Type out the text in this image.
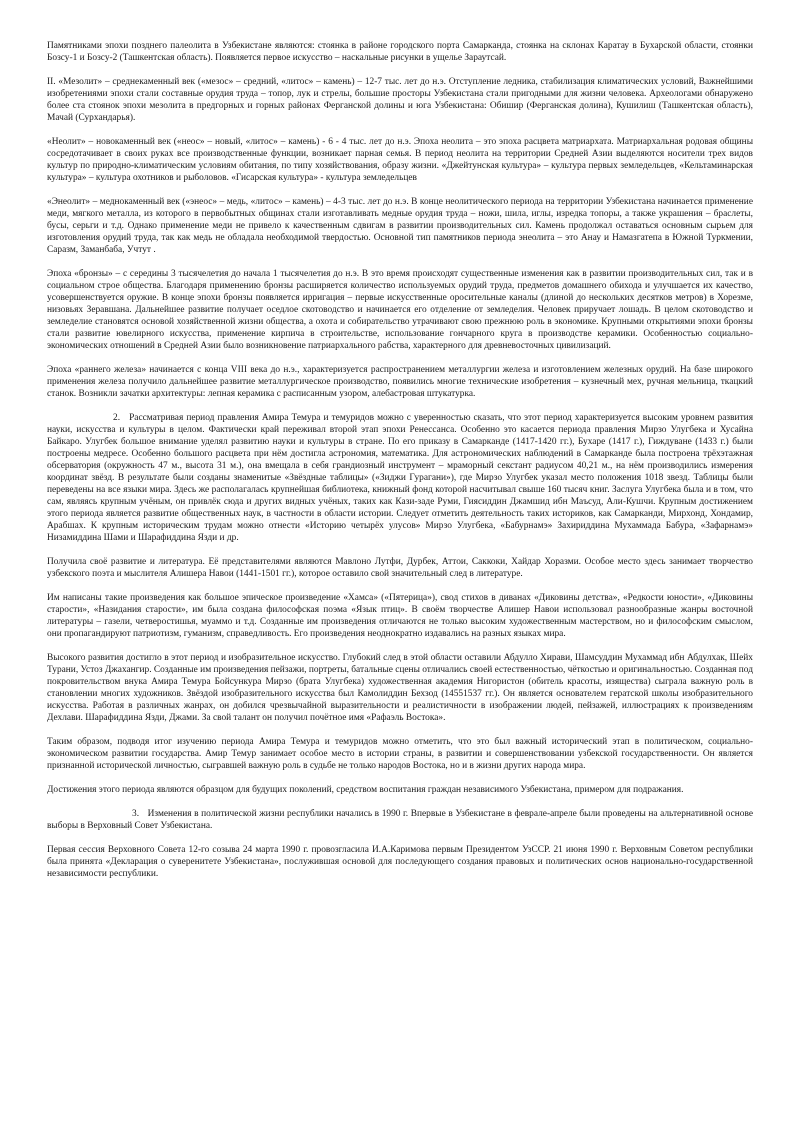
Памятниками эпохи позднего палеолита в Узбекистане являются: стоянка в районе городского порта Самарканда, стоянка на склонах Каратау в Бухарской области, стоянки Бозсу-1 и Бозсу-2 (Ташкентская область). Появляется первое искусство – наскальные рисунки в ущелье Зараутсай.

II. «Мезолит» – среднекаменный век («мезос» – средний, «литос» – камень) – 12-7 тыс. лет до н.э. Отступление ледника, стабилизация климатических условий, Важнейшими изобретениями эпохи стали составные орудия труда – топор, лук и стрелы, большие просторы Узбекистана стали пригодными для жизни человека. Археологами обнаружено более ста стоянок эпохи мезолита в предгорных и горных районах Ферганской долины и юга Узбекистана: Обишир (Ферганская долина), Кушилиш (Ташкентская область), Мачай (Сурхандарья).

«Неолит» – новокаменный век («неос» – новый, «литос» – камень) - 6 - 4 тыс. лет до н.э. Эпоха неолита – это эпоха расцвета матриархата. Матриархальная родовая общины сосредотачивает в своих руках все производственные функции, возникает парная семья. В период неолита на территории Средней Азии выделяются носители трех видов культур по природно-климатическим условиям обитания, по типу хозяйствования, образу жизни. «Джейтунская культура» – культура первых земледельцев, «Кельтаминарская культура» – культура охотников и рыболовов. «Гисарская культура» - культура земледельцев

«Энеолит» – меднокаменный век («энеос» – медь, «литос» – камень) – 4-3 тыс. лет до н.э. В конце неолитического периода на территории Узбекистана начинается применение меди, мягкого металла, из которого в первобытных общинах стали изготавливать медные орудия труда – ножи, шила, иглы, изредка топоры, а также украшения – браслеты, бусы, серьги и т.д. Однако применение меди не привело к качественным сдвигам в развитии производительных сил. Камень продолжал оставаться основным сырьем для изготовления орудий труда, так как медь не обладала необходимой твердостью. Основной тип памятников периода энеолита – это Анау и Намазгатепа в Южной Туркмении, Саразм, Заманбаба, Учтут .

Эпоха «бронзы» – с середины 3 тысячелетия до начала 1 тысячелетия до н.э. В это время происходят существенные изменения как в развитии производительных сил, так и в социальном строе общества. Благодаря применению бронзы расширяется количество используемых орудий труда, предметов домашнего обихода и улучшается их качество, усовершенствуется оружие. В конце эпохи бронзы появляется ирригация – первые искусственные оросительные каналы (длиной до нескольких десятков метров) в Хорезме, низовьях Зеравшана. Дальнейшее развитие получает оседлое скотоводство и начинается его отделение от земледелия. Человек приручает лошадь. В целом скотоводство и земледелие становятся основой хозяйственной жизни общества, а охота и собирательство утрачивают свою прежнюю роль в экономике. Крупными открытиями эпохи бронзы стали развитие ювелирного искусства, применение кирпича в строительстве, использование гончарного круга в производстве керамики. Особенностью социально-экономических отношений в Средней Азии было возникновение патриархального рабства, характерного для древневосточных цивилизаций.

Эпоха «раннего железа» начинается с конца VIII века до н.э., характеризуется распространением металлургии железа и изготовлением железных орудий. На базе широкого применения железа получило дальнейшее развитие металлургическое производство, появились многие технические изобретения – кузнечный мех, ручная мельница, ткацкий станок. Возникли зачатки архитектуры: лепная керамика с расписанным узором, алебастровая штукатурка.

2. Рассматривая период правления Амира Темура и темуридов можно с уверенностью сказать, что этот период характеризуется высоким уровнем развития науки, искусства и культуры в целом. Фактически край переживал второй этап эпохи Ренессанса. Особенно это касается периода правления Мирзо Улугбека и Хусайна Байкаро. Улугбек большое внимание уделял развитию науки и культуры в стране. По его приказу в Самарканде (1417-1420 гг.), Бухаре (1417 г.), Гиждуване (1433 г.) были построены медресе. Особенно большого расцвета при нём достигла астрономия, математика. Для астрономических наблюдений в Самарканде была построена трёхэтажная обсерватория (окружность 47 м., высота 31 м.), она вмещала в себя грандиозный инструмент – мраморный секстант радиусом 40,21 м., на нём производились измерения координат звёзд. В результате были созданы знаменитые «Звёздные таблицы» («Зиджи Гурагани»), где Мирзо Улугбек указал место положения 1018 звезд. Таблицы были переведены на все языки мира. Здесь же располагалась крупнейшая библиотека, книжный фонд которой насчитывал свыше 160 тысяч книг. Заслуга Улугбека была и в том, что сам, являясь крупным учёным, он привлёк сюда и других видных учёных, таких как Кази-заде Руми, Гиясиддин Джамшид ибн Маъсуд, Али-Кушчи. Крупным достижением этого периода является развитие общественных наук, в частности в области истории. Следует отметить деятельность таких историков, как Самарканди, Мирхонд, Хондамир, Арабшах. К крупным историческим трудам можно отнести «Историю четырёх улусов» Мирзо Улугбека, «Бабурнамэ» Захириддина Мухаммада Бабура, «Зафарнамэ» Низамиддина Шами и Шарафиддина Язди и др.

Получила своё развитие и литература. Её представителями являются Мавлоно Лутфи, Дурбек, Аттои, Саккоки, Хайдар Хоразми. Особое место здесь занимает творчество узбекского поэта и мыслителя Алишера Навои (1441-1501 гг.), которое оставило свой значительный след в литературе.

Им написаны такие произведения как большое эпическое произведение «Хамса» («Пятерица»), свод стихов в диванах «Диковины детства», «Редкости юности», «Диковины старости», «Назидания старости», им была создана философская поэма «Язык птиц». В своём творчестве Алишер Навои использовал разнообразные жанры восточной литературы – газели, четверостишья, муаммо и т.д. Созданные им произведения отличаются не только высоким художественным мастерством, но и философским смыслом, они пропагандируют патриотизм, гуманизм, справедливость. Его произведения неоднократно издавались на разных языках мира.

Высокого развития достигло в этот период и изобразительное искусство. Глубокий след в этой области оставили Абдулло Хирави, Шамсуддин Мухаммад ибн Абдулхак, Шейх Турани, Устоз Джахангир. Созданные им произведения пейзажи, портреты, батальные сцены отличались своей естественностью, чёткостью и оригинальностью. Созданная под покровительством внука Амира Темура Бойсункура Мирзо (брата Улугбека) художественная академия Нигористон (обитель красоты, изящества) сыграла важную роль в становлении многих художников. Звёздой изобразительного искусства был Камолиддин Бехзод (14551537 гг.). Он является основателем гератской школы изобразительного искусства. Работая в различных жанрах, он добился чрезвычайной выразительности и реалистичности в изображении людей, пейзажей, иллюстрациях к произведениям Дехлави. Шарафиддина Язди, Джами. За свой талант он получил почётное имя «Рафаэль Востока».

Таким образом, подводя итог изучению периода Амира Темура и темуридов можно отметить, что это был важный исторический этап в политическом, социально-экономическом развитии государства. Амир Темур занимает особое место в истории страны, в развитии и совершенствовании узбекской государственности. Он является признанной исторической личностью, сыгравшей важную роль в судьбе не только народов Востока, но и в жизни других народа мира.

Достижения этого периода являются образцом для будущих поколений, средством воспитания граждан независимого Узбекистана, примером для подражания.

3. Изменения в политической жизни республики начались в 1990 г. Впервые в Узбекистане в феврале-апреле были проведены на альтернативной основе выборы в Верховный Совет Узбекистана.

Первая сессия Верховного Совета 12-го созыва 24 марта 1990 г. провозгласила И.А.Каримова первым Президентом УзССР. 21 июня 1990 г. Верховным Советом республики была принята «Декларация о суверенитете Узбекистана», послужившая основой для последующего создания правовых и политических основ национально-государственной независимости республики.
